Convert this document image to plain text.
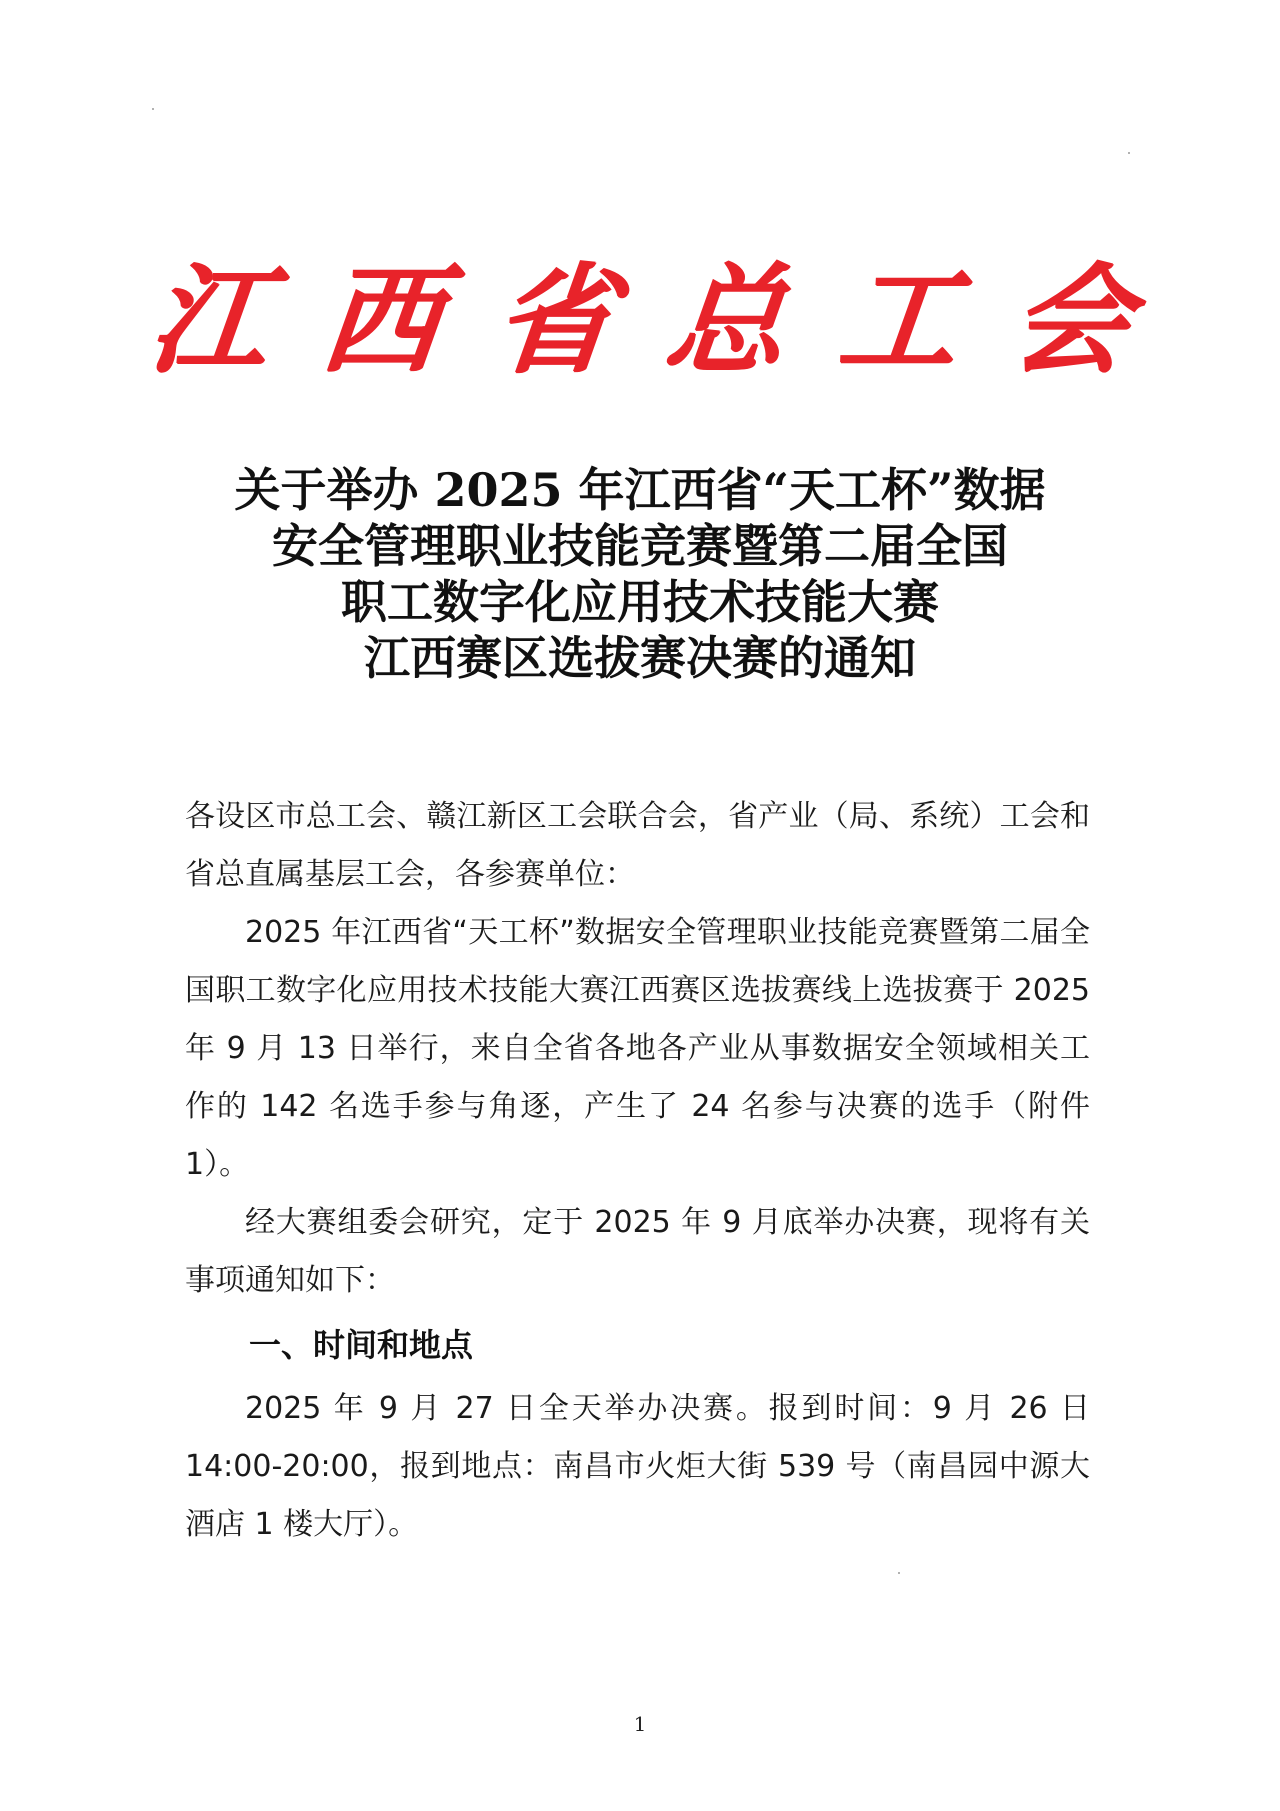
江 西 省 总 工 会
关于举办 2025 年江西省“天工杯”数据
安全管理职业技能竞赛暨第二届全国
职工数字化应用技术技能大赛
江西赛区选拔赛决赛的通知

各设区市总工会、赣江新区工会联合会，省产业（局、系统）工会和省总直属基层工会，各参赛单位：

2025 年江西省“天工杯”数据安全管理职业技能竞赛暨第二届全国职工数字化应用技术技能大赛江西赛区选拔赛线上选拔赛于 2025 年 9 月 13 日举行，来自全省各地各产业从事数据安全领域相关工作的 142 名选手参与角逐，产生了 24 名参与决赛的选手（附件 1）。

经大赛组委会研究，定于 2025 年 9 月底举办决赛，现将有关事项通知如下：

一、时间和地点

2025 年 9 月 27 日全天举办决赛。报到时间：9 月 26 日 14:00-20:00，报到地点：南昌市火炬大街 539 号（南昌园中源大酒店 1 楼大厅）。

1
